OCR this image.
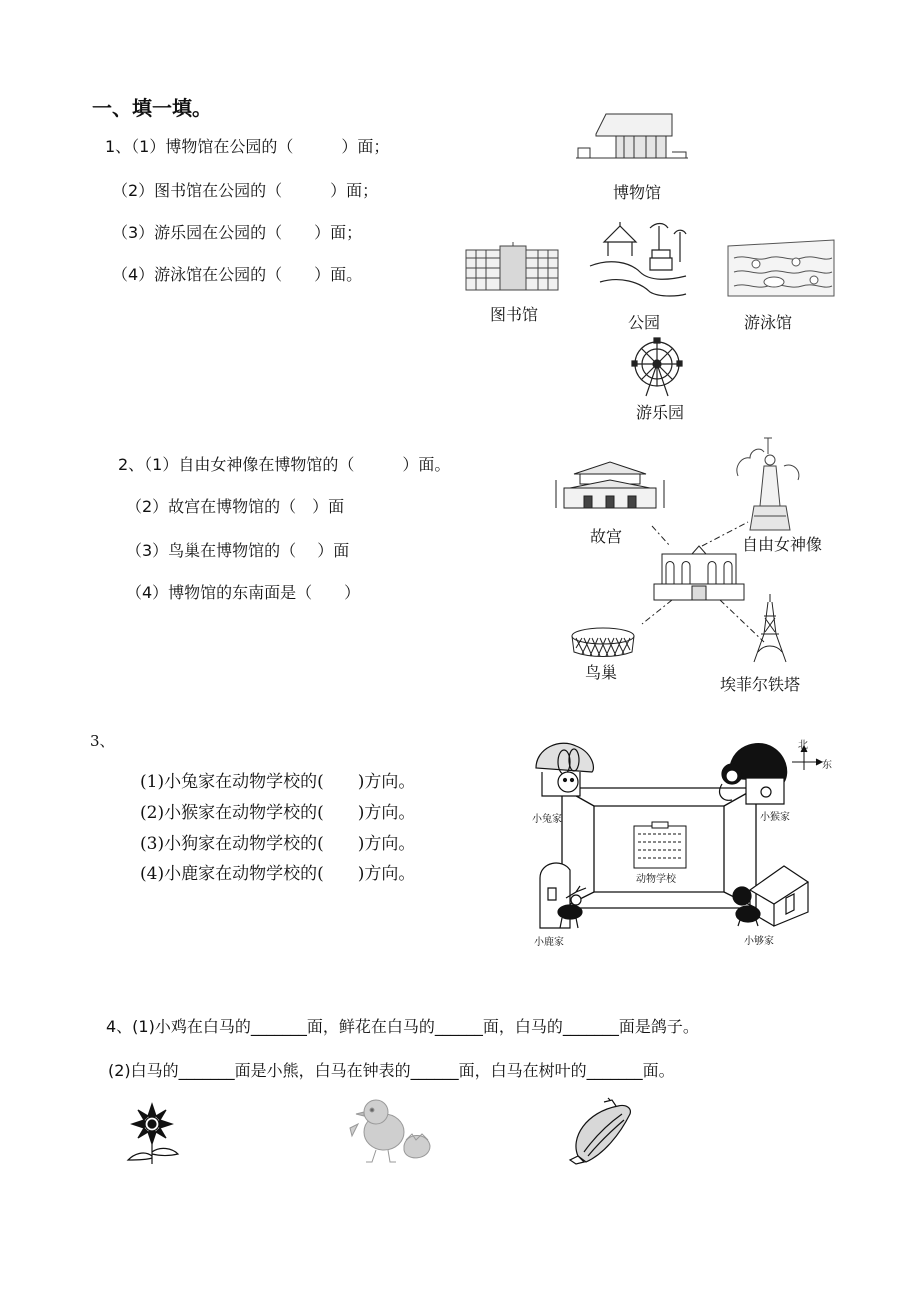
一、填一填。
1、（1）博物馆在公园的（　　　）面；
（2）图书馆在公园的（　　　）面；
（3）游乐园在公园的（　　）面；
（4）游泳馆在公园的（　　）面。
博物馆
图书馆	公园	游泳馆
游乐园
2、（1）自由女神像在博物馆的（　　　）面。
（2）故宫在博物馆的（　）面
（3）鸟巢在博物馆的（　 ）面
（4）博物馆的东南面是（　　）
故宫	自由女神像
鸟巢
埃菲尔铁塔
3、
(1)小兔家在动物学校的(　　)方向。
(2)小猴家在动物学校的(　　)方向。
(3)小狗家在动物学校的(　　)方向。
(4)小鹿家在动物学校的(　　)方向。	动物学校
小兔家	小猴家
小鹿家	小够家
北
东
4、(1)小鸡在白马的_______面，鲜花在白马的______面，白马的_______面是鸽子。
(2)白马的_______面是小熊，白马在钟表的______面，白马在树叶的_______面。
